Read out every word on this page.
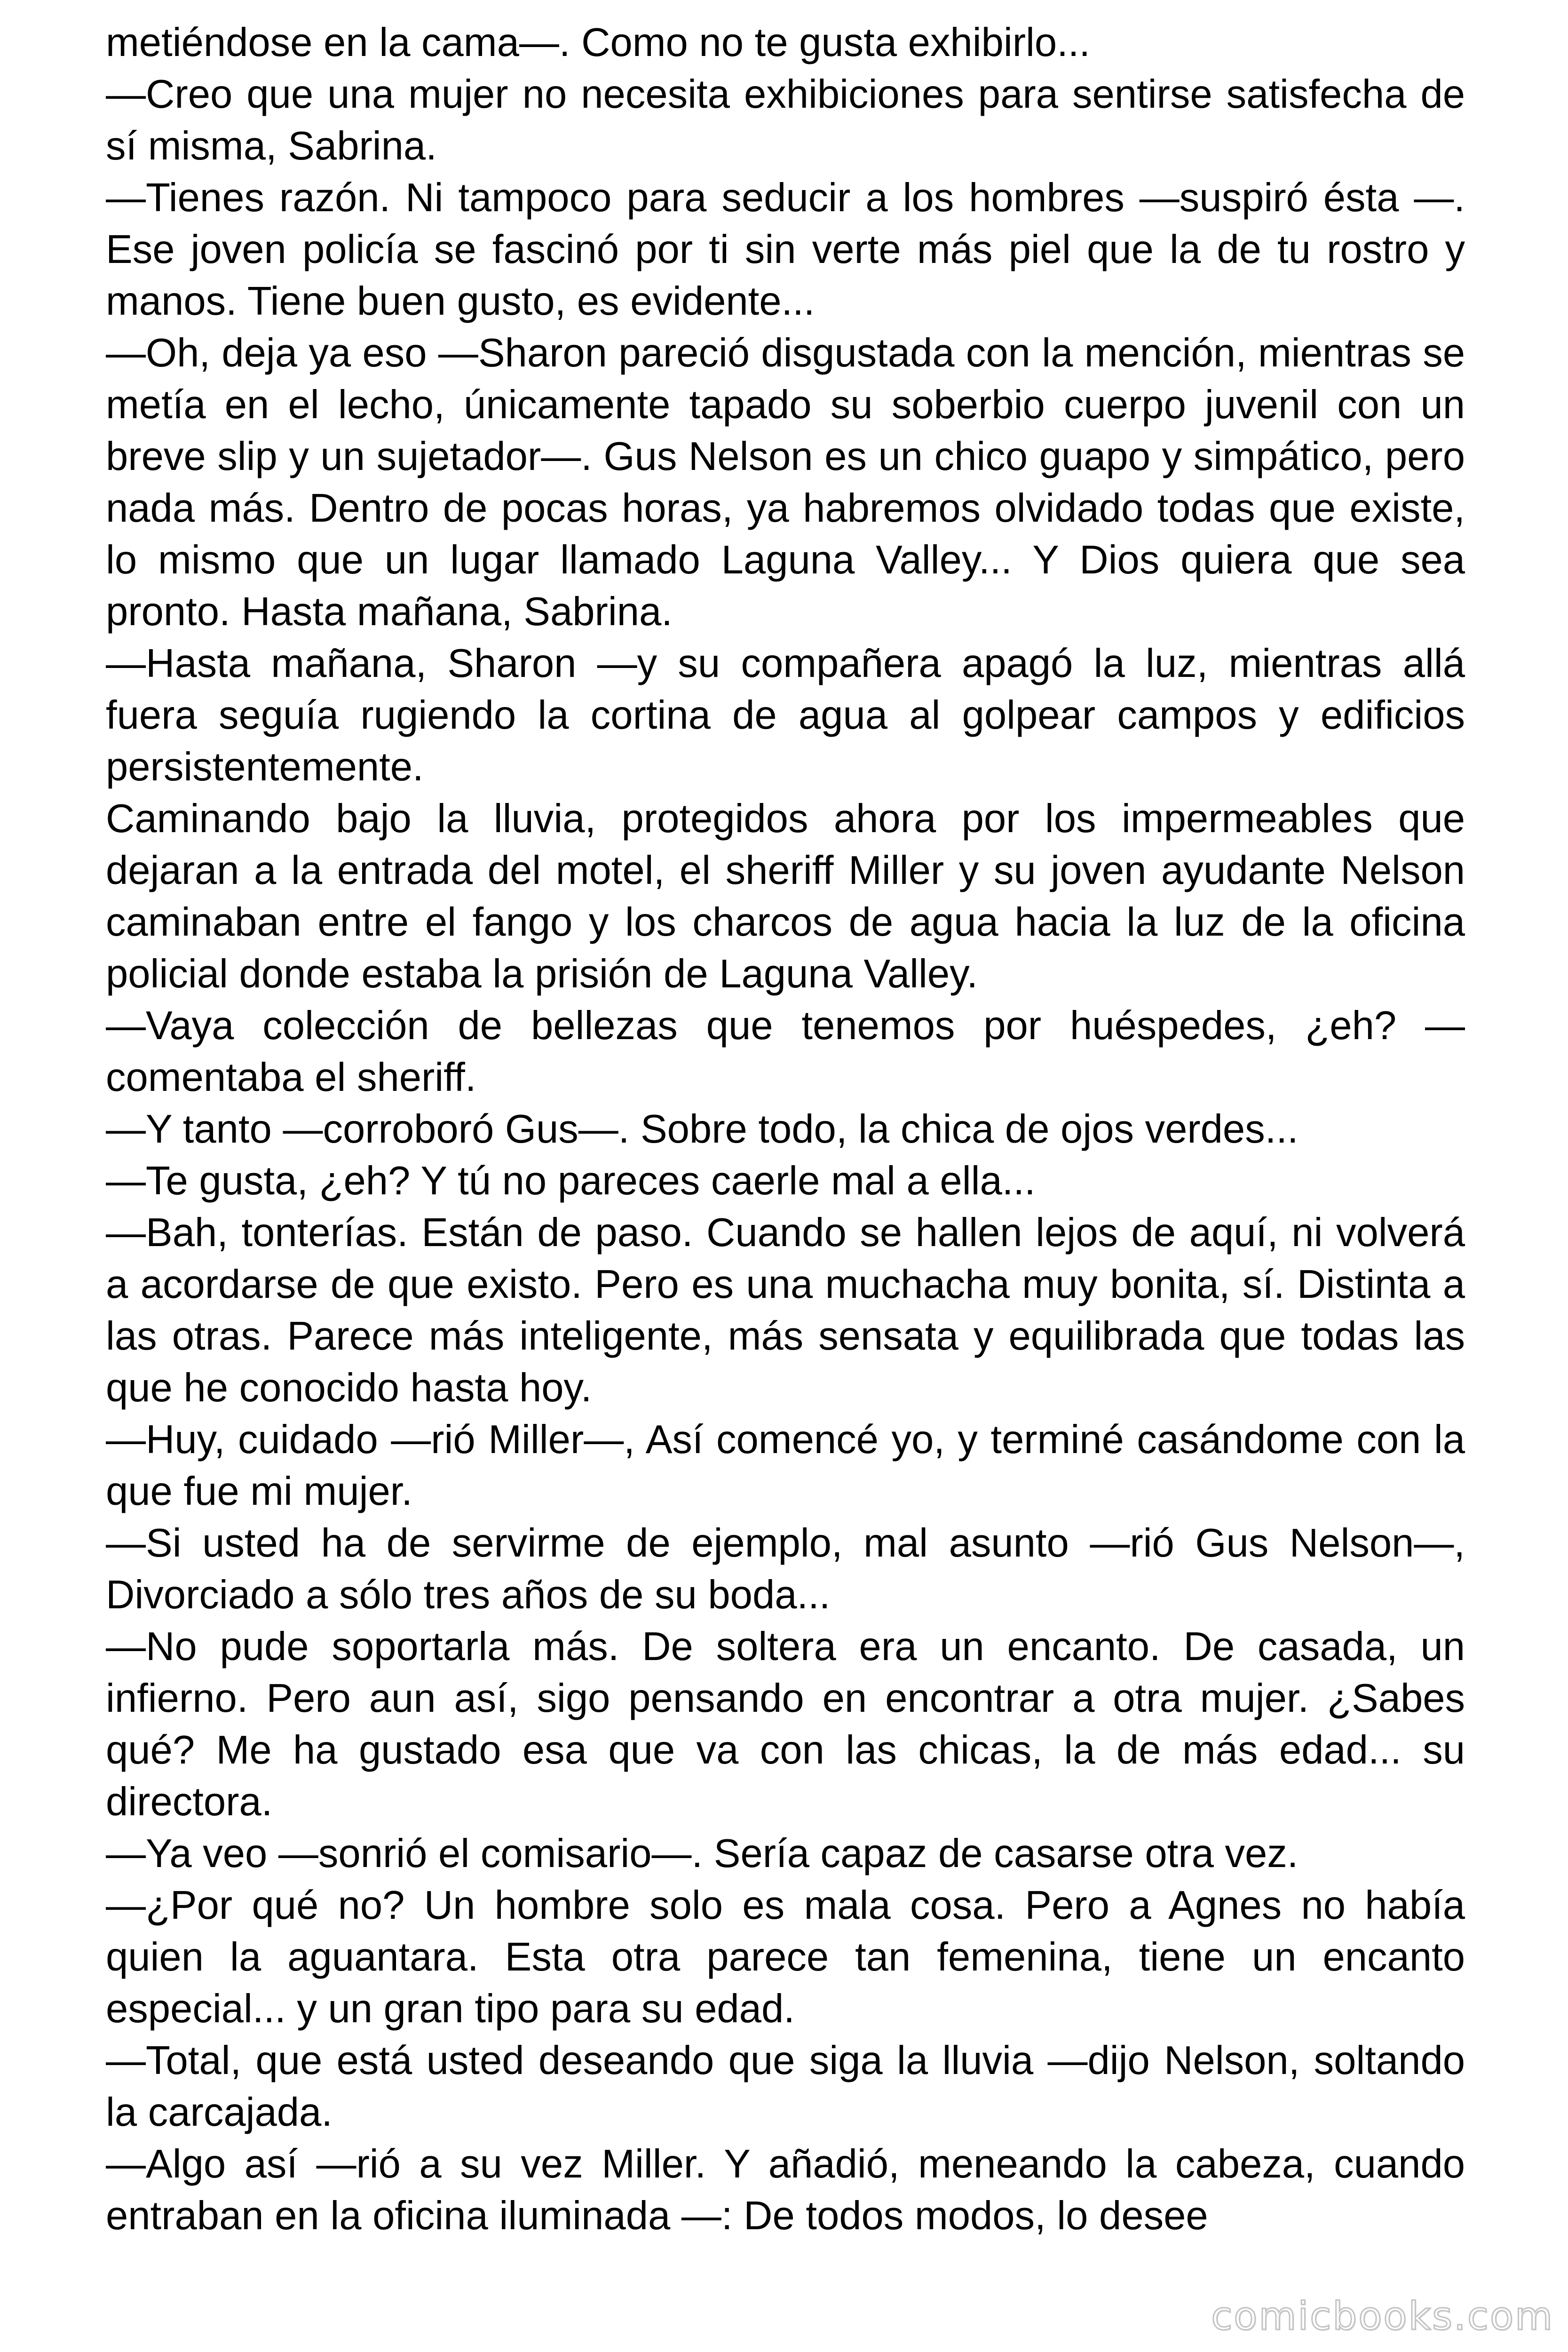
metiéndose en la cama—. Como no te gusta exhibirlo...

—Creo que una mujer no necesita exhibiciones para sentirse satisfecha de sí misma, Sabrina.

—Tienes razón. Ni tampoco para seducir a los hombres —suspiró ésta —. Ese joven policía se fascinó por ti sin verte más piel que la de tu rostro y manos. Tiene buen gusto, es evidente...

—Oh, deja ya eso —Sharon pareció disgustada con la mención, mientras se metía en el lecho, únicamente tapado su soberbio cuerpo juvenil con un breve slip y un sujetador—. Gus Nelson es un chico guapo y simpático, pero nada más. Dentro de pocas horas, ya habremos olvidado todas que existe, lo mismo que un lugar llamado Laguna Valley... Y Dios quiera que sea pronto. Hasta mañana, Sabrina.

—Hasta mañana, Sharon —y su compañera apagó la luz, mientras allá fuera seguía rugiendo la cortina de agua al golpear campos y edificios persistentemente.

Caminando bajo la lluvia, protegidos ahora por los impermeables que dejaran a la entrada del motel, el sheriff Miller y su joven ayudante Nelson caminaban entre el fango y los charcos de agua hacia la luz de la oficina policial donde estaba la prisión de Laguna Valley.

—Vaya colección de bellezas que tenemos por huéspedes, ¿eh? —comentaba el sheriff.

—Y tanto —corroboró Gus—. Sobre todo, la chica de ojos verdes...

—Te gusta, ¿eh? Y tú no pareces caerle mal a ella...

—Bah, tonterías. Están de paso. Cuando se hallen lejos de aquí, ni volverá a acordarse de que existo. Pero es una muchacha muy bonita, sí. Distinta a las otras. Parece más inteligente, más sensata y equilibrada que todas las que he conocido hasta hoy.

—Huy, cuidado —rió Miller—, Así comencé yo, y terminé casándome con la que fue mi mujer.

—Si usted ha de servirme de ejemplo, mal asunto —rió Gus Nelson—, Divorciado a sólo tres años de su boda...

—No pude soportarla más. De soltera era un encanto. De casada, un infierno. Pero aun así, sigo pensando en encontrar a otra mujer. ¿Sabes qué? Me ha gustado esa que va con las chicas, la de más edad... su directora.

—Ya veo —sonrió el comisario—. Sería capaz de casarse otra vez.

—¿Por qué no? Un hombre solo es mala cosa. Pero a Agnes no había quien la aguantara. Esta otra parece tan femenina, tiene un encanto especial... y un gran tipo para su edad.

—Total, que está usted deseando que siga la lluvia —dijo Nelson, soltando la carcajada.

—Algo así —rió a su vez Miller. Y añadió, meneando la cabeza, cuando entraban en la oficina iluminada —: De todos modos, lo desee

comicbooks.com
